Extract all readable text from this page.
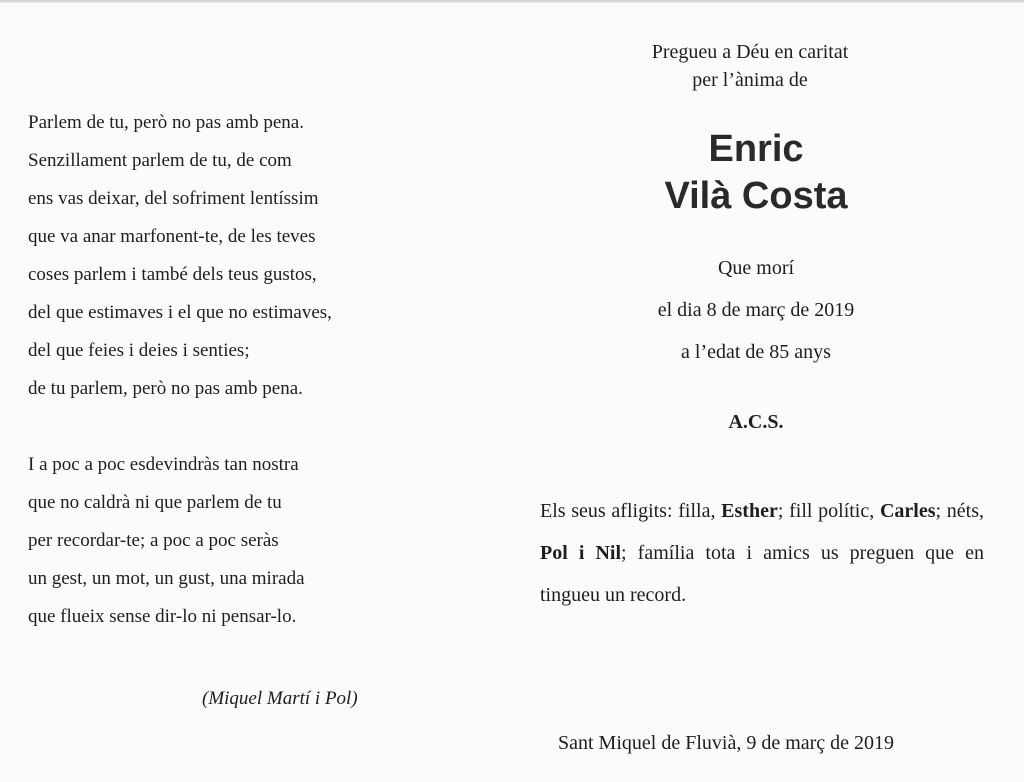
Parlem de tu, però no pas amb pena.
Senzillament parlem de tu, de com
ens vas deixar, del sofriment lentíssim
que va anar marfonent-te, de les teves
coses parlem i també dels teus gustos,
del que estimaves i el que no estimaves,
del que feies i deies i senties;
de tu parlem, però no pas amb pena.
I a poc a poc esdevindràs tan nostra
que no caldrà ni que parlem de tu
per recordar-te; a poc a poc seràs
un gest, un mot, un gust, una mirada
que flueix sense dir-lo ni pensar-lo.
(Miquel Martí i Pol)
Pregueu a Déu en caritat
per l’ànima de
Enric
Vilà Costa
Que morí
el dia 8 de març de 2019
a l’edat de 85 anys
A.C.S.
Els seus afligits: filla, Esther; fill polític, Carles; néts, Pol i Nil; família tota i amics us preguen que en tingueu un record.
Sant Miquel de Fluvià, 9 de març de 2019
